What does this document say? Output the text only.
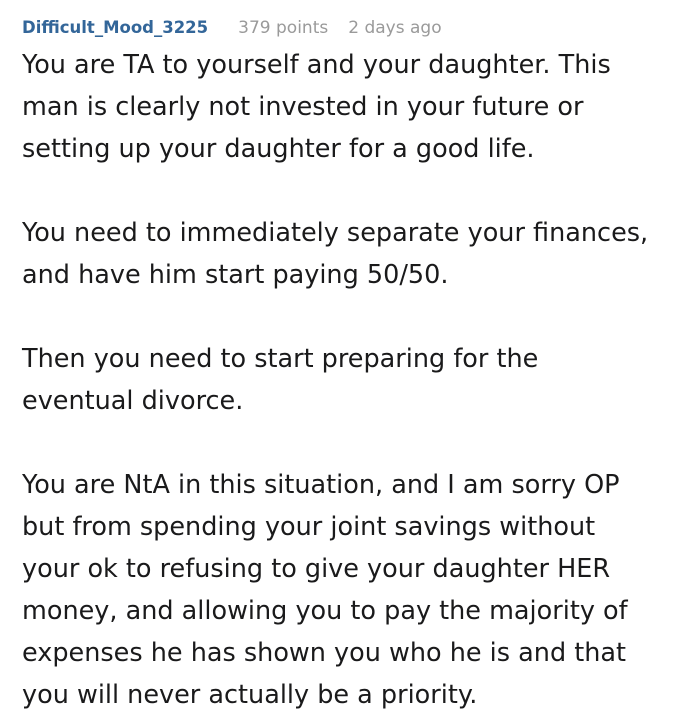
Difficult_Mood_3225 379 points 2 days ago

You are TA to yourself and your daughter. This
man is clearly not invested in your future or
setting up your daughter for a good life.

You need to immediately separate your finances,
and have him start paying 50/50.

Then you need to start preparing for the
eventual divorce.

You are NtA in this situation, and I am sorry OP
but from spending your joint savings without
your ok to refusing to give your daughter HER
money, and allowing you to pay the majority of
expenses he has shown you who he is and that
you will never actually be a priority.
